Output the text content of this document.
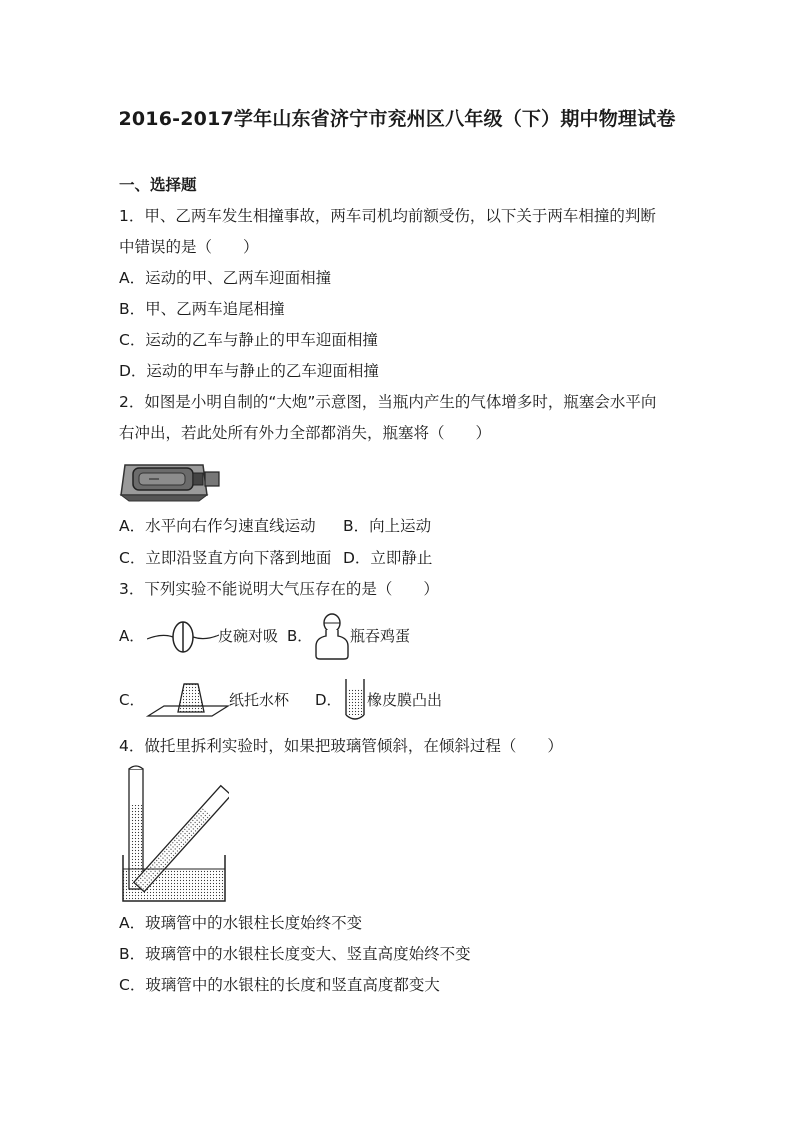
2016-2017学年山东省济宁市兖州区八年级（下）期中物理试卷
一、选择题
1．甲、乙两车发生相撞事故，两车司机均前额受伤，以下关于两车相撞的判断
中错误的是（　　）
A．运动的甲、乙两车迎面相撞
B．甲、乙两车追尾相撞
C．运动的乙车与静止的甲车迎面相撞
D．运动的甲车与静止的乙车迎面相撞
2．如图是小明自制的“大炮”示意图，当瓶内产生的气体增多时，瓶塞会水平向
右冲出，若此处所有外力全部都消失，瓶塞将（　　）
A．水平向右作匀速直线运动 B．向上运动
C．立即沿竖直方向下落到地面 D．立即静止
3．下列实验不能说明大气压存在的是（　　）
A．	皮碗对吸 B．	瓶吞鸡蛋
C．	纸托水杯 D． 橡皮膜凸出
4．做托里拆利实验时，如果把玻璃管倾斜，在倾斜过程（　　）
A．玻璃管中的水银柱长度始终不变
B．玻璃管中的水银柱长度变大、竖直高度始终不变
C．玻璃管中的水银柱的长度和竖直高度都变大
